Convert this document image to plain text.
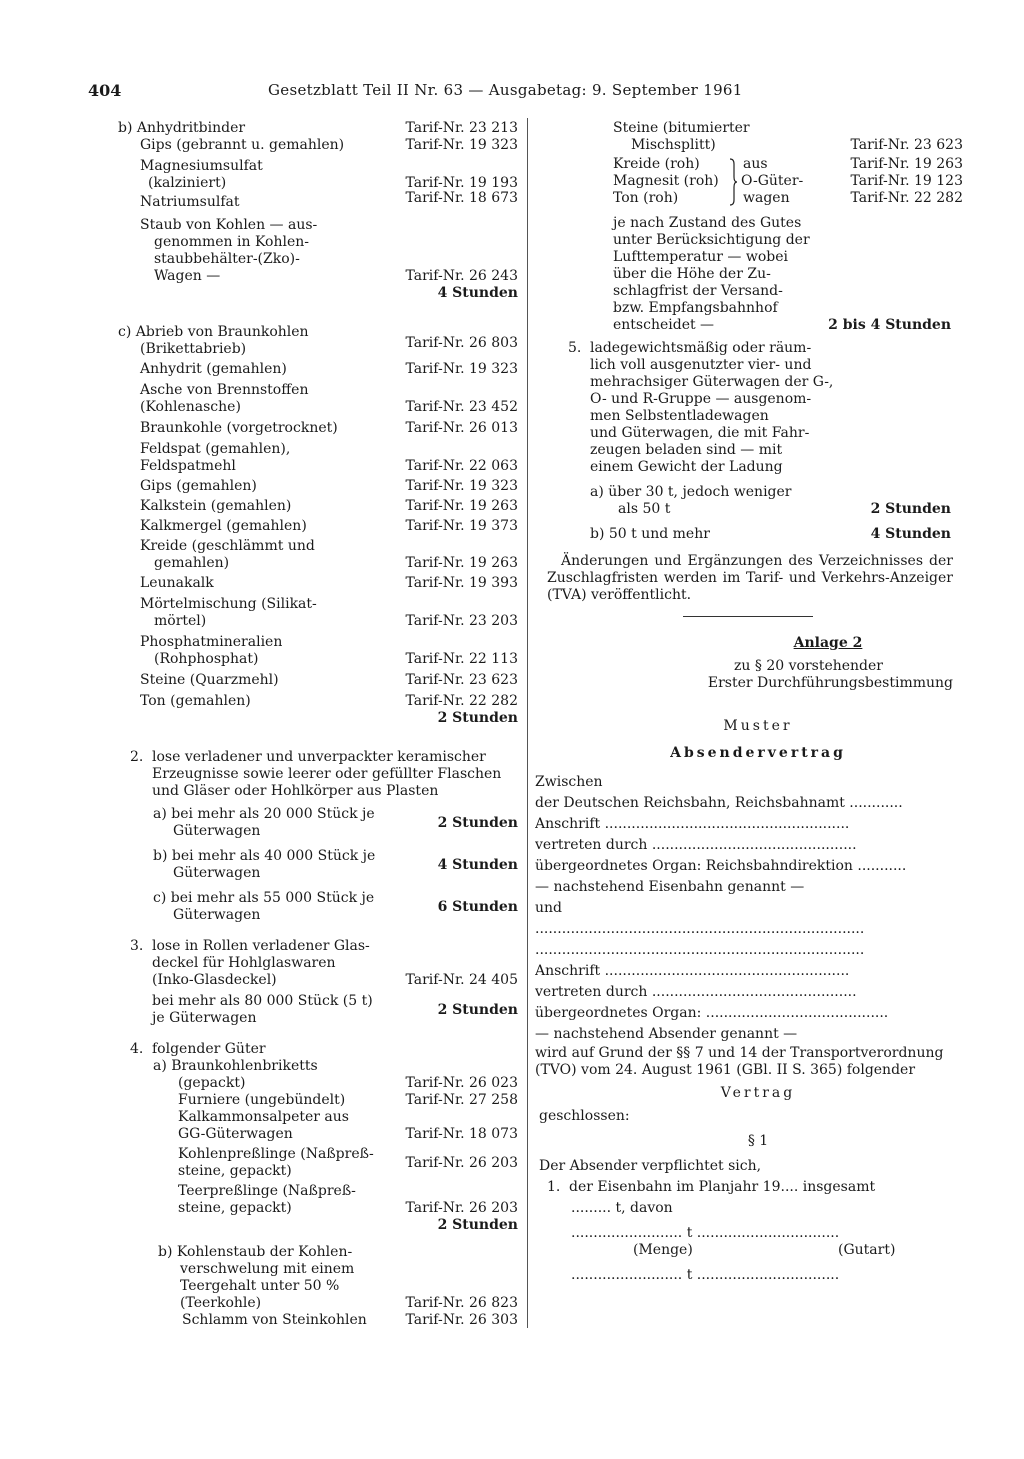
404	Gesetzblatt Teil II Nr. 63 — Ausgabetag: 9. September 1961
b) Anhydritbinder	Tarif-Nr. 23 213
Gips (gebrannt u. gemahlen)	Tarif-Nr. 19 323
Magnesiumsulfat
(kalziniert)	Tarif-Nr. 19 193
Natriumsulfat	Tarif-Nr. 18 673
Staub von Kohlen — aus-
genommen in Kohlen-
staubbehälter-(Zko)-
Wagen —	Tarif-Nr. 26 243
4 Stunden
c) Abrieb von Braunkohlen
(Brikettabrieb)	Tarif-Nr. 26 803
Anhydrit (gemahlen)	Tarif-Nr. 19 323
Asche von Brennstoffen
(Kohlenasche)	Tarif-Nr. 23 452
Braunkohle (vorgetrocknet)	Tarif-Nr. 26 013
Feldspat (gemahlen),
Feldspatmehl	Tarif-Nr. 22 063
Gips (gemahlen)	Tarif-Nr. 19 323
Kalkstein (gemahlen)	Tarif-Nr. 19 263
Kalkmergel (gemahlen)	Tarif-Nr. 19 373
Kreide (geschlämmt und
gemahlen)	Tarif-Nr. 19 263
Leunakalk	Tarif-Nr. 19 393
Mörtelmischung (Silikat-
mörtel)	Tarif-Nr. 23 203
Phosphatmineralien
(Rohphosphat)	Tarif-Nr. 22 113
Steine (Quarzmehl)	Tarif-Nr. 23 623
Ton (gemahlen)	Tarif-Nr. 22 282
2 Stunden
2. lose verladener und unverpackter keramischer Erzeugnisse sowie leerer oder gefüllter Flaschen und Gläser oder Hohlkörper aus Plasten
a) bei mehr als 20 000 Stück je
Güterwagen	2 Stunden
b) bei mehr als 40 000 Stück je
Güterwagen	4 Stunden
c) bei mehr als 55 000 Stück je
Güterwagen	6 Stunden
3. lose in Rollen verladener Glas-
deckel für Hohlglaswaren
(Inko-Glasdeckel)	Tarif-Nr. 24 405
bei mehr als 80 000 Stück (5 t)
je Güterwagen	2 Stunden
4. folgender Güter
a) Braunkohlenbriketts
(gepackt)	Tarif-Nr. 26 023
Furniere (ungebündelt)	Tarif-Nr. 27 258
Kalkammonsalpeter aus
GG-Güterwagen	Tarif-Nr. 18 073
Kohlenpreßlinge (Naßpreß-
steine, gepackt)	Tarif-Nr. 26 203
Teerpreßlinge (Naßpreß-
steine, gepackt)	Tarif-Nr. 26 203
2 Stunden
b) Kohlenstaub der Kohlen-
verschwelung mit einem
Teergehalt unter 50 %
(Teerkohle)	Tarif-Nr. 26 823
Schlamm von Steinkohlen	Tarif-Nr. 26 303
Steine (bitumierter
Mischsplitt)	Tarif-Nr. 23 623
Kreide (roh)	aus	Tarif-Nr. 19 263
Magnesit (roh)	O-Güter-	Tarif-Nr. 19 123
Ton (roh)	wagen	Tarif-Nr. 22 282
je nach Zustand des Gutes
unter Berücksichtigung der
Lufttemperatur — wobei
über die Höhe der Zu-
schlagfrist der Versand-
bzw. Empfangsbahnhof
entscheidet —	2 bis 4 Stunden
5. ladegewichtsmäßig oder räum-
lich voll ausgenutzter vier- und
mehrachsiger Güterwagen der G-,
O- und R-Gruppe — ausgenom-
men Selbstentladewagen
und Güterwagen, die mit Fahr-
zeugen beladen sind — mit
einem Gewicht der Ladung
a) über 30 t, jedoch weniger
als 50 t	2 Stunden
b) 50 t und mehr	4 Stunden
Änderungen und Ergänzungen des Verzeichnisses der Zuschlagfristen werden im Tarif- und Verkehrs-Anzeiger (TVA) veröffentlicht.
Anlage 2
zu § 20 vorstehender
Erster Durchführungsbestimmung
Muster
Absendervertrag
Zwischen
der Deutschen Reichsbahn, Reichsbahnamt ............
Anschrift .......................................................
vertreten durch ..............................................
übergeordnetes Organ: Reichsbahndirektion ...........
— nachstehend Eisenbahn genannt —
und
..........................................................................
..........................................................................
Anschrift .......................................................
vertreten durch ..............................................
übergeordnetes Organ: .........................................
— nachstehend Absender genannt —
wird auf Grund der §§ 7 und 14 der Transportverordnung (TVO) vom 24. August 1961 (GBl. II S. 365) folgender
Vertrag
geschlossen:
§ 1
Der Absender verpflichtet sich,
1. der Eisenbahn im Planjahr 19.... insgesamt
......... t, davon
......................... t ................................
(Menge)	(Gutart)
......................... t ................................
